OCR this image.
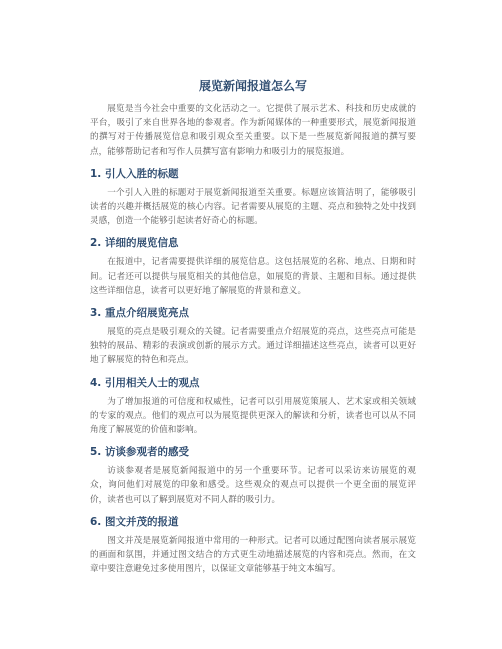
展览新闻报道怎么写

展览是当今社会中重要的文化活动之一。它提供了展示艺术、科技和历史成就的平台，吸引了来自世界各地的参观者。作为新闻媒体的一种重要形式，展览新闻报道的撰写对于传播展览信息和吸引观众至关重要。以下是一些展览新闻报道的撰写要点，能够帮助记者和写作人员撰写富有影响力和吸引力的展览报道。

1. 引人入胜的标题

一个引人入胜的标题对于展览新闻报道至关重要。标题应该简洁明了，能够吸引读者的兴趣并概括展览的核心内容。记者需要从展览的主题、亮点和独特之处中找到灵感，创造一个能够引起读者好奇心的标题。

2. 详细的展览信息

在报道中，记者需要提供详细的展览信息。这包括展览的名称、地点、日期和时间。记者还可以提供与展览相关的其他信息，如展览的背景、主题和目标。通过提供这些详细信息，读者可以更好地了解展览的背景和意义。

3. 重点介绍展览亮点

展览的亮点是吸引观众的关键。记者需要重点介绍展览的亮点，这些亮点可能是独特的展品、精彩的表演或创新的展示方式。通过详细描述这些亮点，读者可以更好地了解展览的特色和亮点。

4. 引用相关人士的观点

为了增加报道的可信度和权威性，记者可以引用展览策展人、艺术家或相关领域的专家的观点。他们的观点可以为展览提供更深入的解读和分析，读者也可以从不同角度了解展览的价值和影响。

5. 访谈参观者的感受

访谈参观者是展览新闻报道中的另一个重要环节。记者可以采访来访展览的观众，询问他们对展览的印象和感受。这些观众的观点可以提供一个更全面的展览评价，读者也可以了解到展览对不同人群的吸引力。

6. 图文并茂的报道

图文并茂是展览新闻报道中常用的一种形式。记者可以通过配图向读者展示展览的画面和氛围，并通过图文结合的方式更生动地描述展览的内容和亮点。然而，在文章中要注意避免过多使用图片，以保证文章能够基于纯文本编写。
